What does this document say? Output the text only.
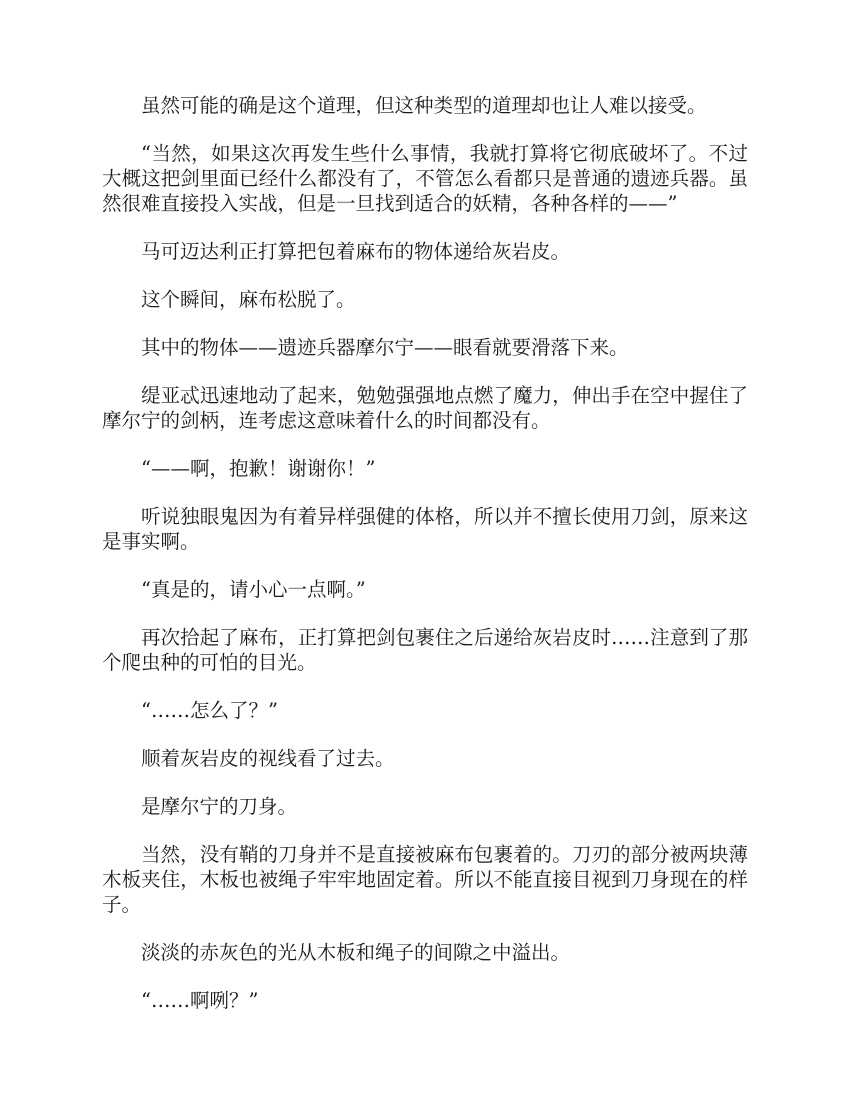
虽然可能的确是这个道理，但这种类型的道理却也让人难以接受。

“当然，如果这次再发生些什么事情，我就打算将它彻底破坏了。不过大概这把剑里面已经什么都没有了，不管怎么看都只是普通的遗迹兵器。虽然很难直接投入实战，但是一旦找到适合的妖精，各种各样的——”

马可迈达利正打算把包着麻布的物体递给灰岩皮。

这个瞬间，麻布松脱了。

其中的物体——遗迹兵器摩尔宁——眼看就要滑落下来。

缇亚忒迅速地动了起来，勉勉强强地点燃了魔力，伸出手在空中握住了摩尔宁的剑柄，连考虑这意味着什么的时间都没有。

“——啊，抱歉！谢谢你！”

听说独眼鬼因为有着异样强健的体格，所以并不擅长使用刀剑，原来这是事实啊。

“真是的，请小心一点啊。”

再次拾起了麻布，正打算把剑包裹住之后递给灰岩皮时……注意到了那个爬虫种的可怕的目光。

“……怎么了？”

顺着灰岩皮的视线看了过去。

是摩尔宁的刀身。

当然，没有鞘的刀身并不是直接被麻布包裹着的。刀刃的部分被两块薄木板夹住，木板也被绳子牢牢地固定着。所以不能直接目视到刀身现在的样子。

淡淡的赤灰色的光从木板和绳子的间隙之中溢出。

“……啊咧？”
